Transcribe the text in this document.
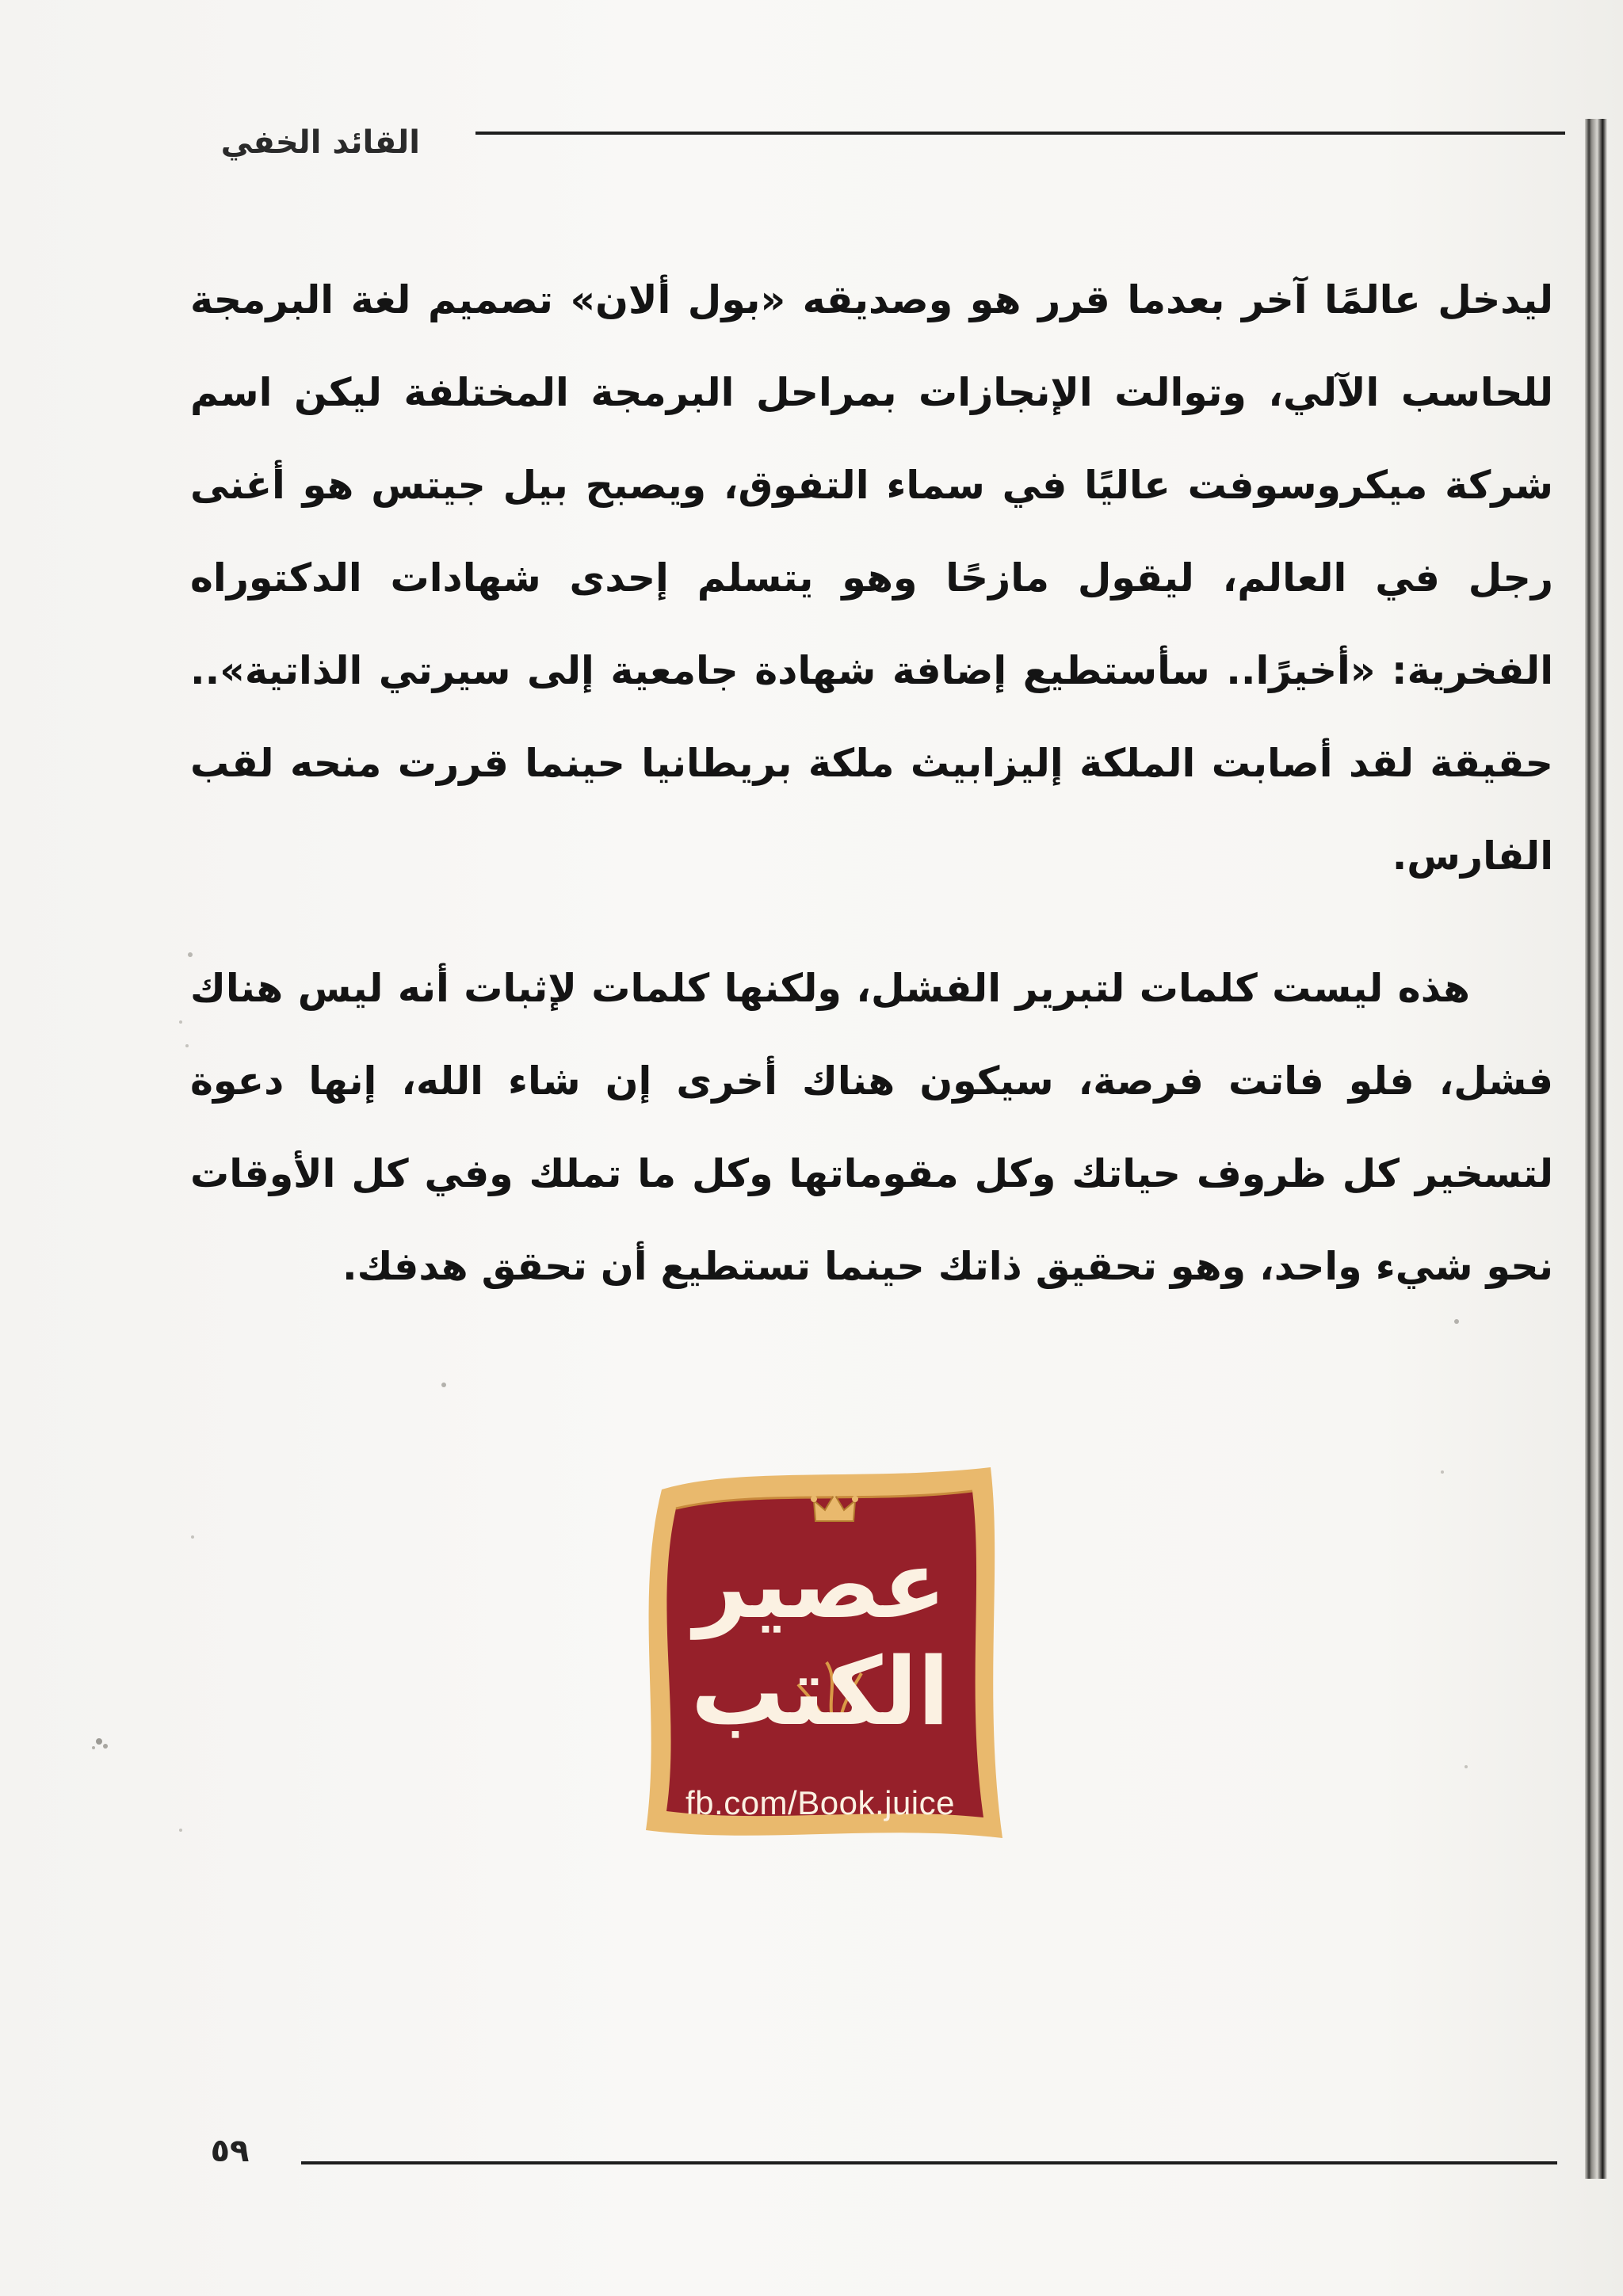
القائد الخفي

ليدخل عالمًا آخر بعدما قرر هو وصديقه «بول ألان» تصميم لغة البرمجة للحاسب الآلي، وتوالت الإنجازات بمراحل البرمجة المختلفة ليكن اسم شركة ميكروسوفت عاليًا في سماء التفوق، ويصبح بيل جيتس هو أغنى رجل في العالم، ليقول مازحًا وهو يتسلم إحدى شهادات الدكتوراه الفخرية: «أخيرًا.. سأستطيع إضافة شهادة جامعية إلى سيرتي الذاتية».. حقيقة لقد أصابت الملكة إليزابيث ملكة بريطانيا حينما قررت منحه لقب الفارس.

هذه ليست كلمات لتبرير الفشل، ولكنها كلمات لإثبات أنه ليس هناك فشل، فلو فاتت فرصة، سيكون هناك أخرى إن شاء الله، إنها دعوة لتسخير كل ظروف حياتك وكل مقوماتها وكل ما تملك وفي كل الأوقات نحو شيء واحد، وهو تحقيق ذاتك حينما تستطيع أن تحقق هدفك.

عصير
الكتب
fb.com/Book.juice
٥٩
